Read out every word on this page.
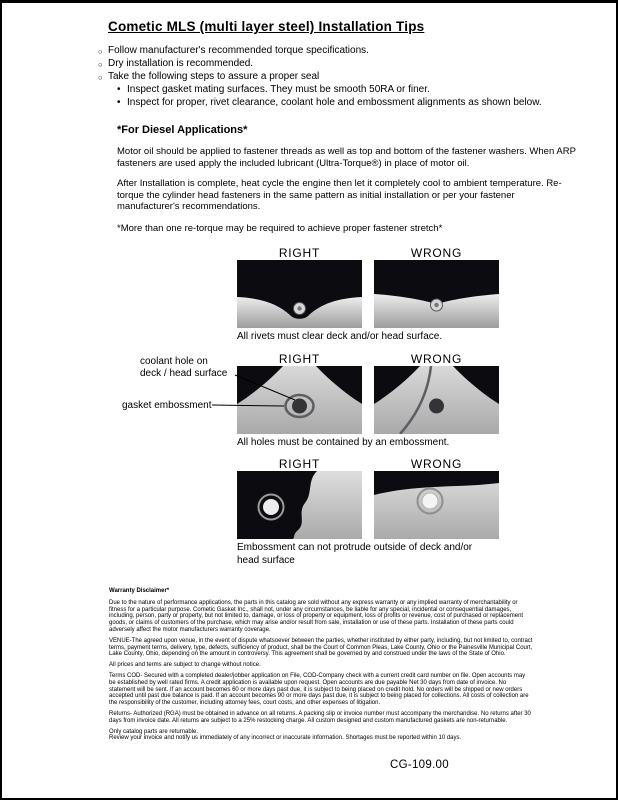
Cometic MLS (multi layer steel) Installation Tips
○ Follow manufacturer's recommended torque specifications.
○ Dry installation is recommended.
○ Take the following steps to assure a proper seal
• Inspect gasket mating surfaces. They must be smooth 50RA or finer.
• Inspect for proper, rivet clearance, coolant hole and embossment alignments as shown below.
*For Diesel Applications*

Motor oil should be applied to fastener threads as well as top and bottom of the fastener washers. When ARP fasteners are used apply the included lubricant (Ultra-Torque®) in place of motor oil.

After Installation is complete, heat cycle the engine then let it completely cool to ambient temperature. Re-torque the cylinder head fasteners in the same pattern as initial installation or per your fastener manufacturer's recommendations.

*More than one re-torque may be required to achieve proper fastener stretch*

RIGHT	WRONG
All rivets must clear deck and/or head surface.
coolant hole on
deck / head surface
gasket embossment
RIGHT	WRONG
All holes must be contained by an embossment.
RIGHT	WRONG
Embossment can not protrude outside of deck and/or head surface
Warranty Disclaimer*

Due to the nature of performance applications, the parts in this catalog are sold without any express warranty or any implied warranty of merchantability or fitness for a particular purpose. Cometic Gasket Inc., shall not, under any circumstances, be liable for any special, incidental or consequential damages, including, person, party or property, but not limited to, damage, or loss of property or equipment, loss of profits or revenue, cost of purchased or replacement goods, or claims of customers of the purchase, which may arise and/or result from sale, installation or use of these parts. Installation of these parts could adversely affect the motor manufacturers warranty coverage.

VENUE-The agreed upon venue, in the event of dispute whatsoever between the parties, whether instituted by either party, including, but not limited to, contract terms, payment terms, delivery, type, defects, sufficiency of product, shall be the Court of Common Pleas, Lake County, Ohio or the Painesville Municipal Court, Lake County, Ohio, depending on the amount in controversy. This agreement shall be governed by and construed under the laws of the State of Ohio.

All prices and terms are subject to change without notice.

Terms COD- Secured with a completed dealer/jobber application on File, COD-Company check with a current credit card number on file. Open accounts may be established by well rated firms. A credit application is available upon request. Open accounts are due payable Net 30 days from date of invoice. No statement will be sent. If an account becomes 60 or more days past due, it is subject to being placed on credit hold. No orders will be shipped or new orders accepted until past due balance is paid. If an account becomes 90 or more days past due, it is subject to being placed for collections. All costs of collection are the responsibility of the customer, including attorney fees, court costs, and other expenses of litigation.

Returns- Authorized (RGA) must be obtained in advance on all returns. A packing slip or invoice number must accompany the merchandise. No returns after 30 days from invoice date. All returns are subject to a 25% restocking charge. All custom designed and custom manufactured gaskets are non-returnable.

Only catalog parts are returnable.

Review your invoice and notify us immediately of any incorrect or inaccurate information. Shortages must be reported within 10 days.

CG-109.00
